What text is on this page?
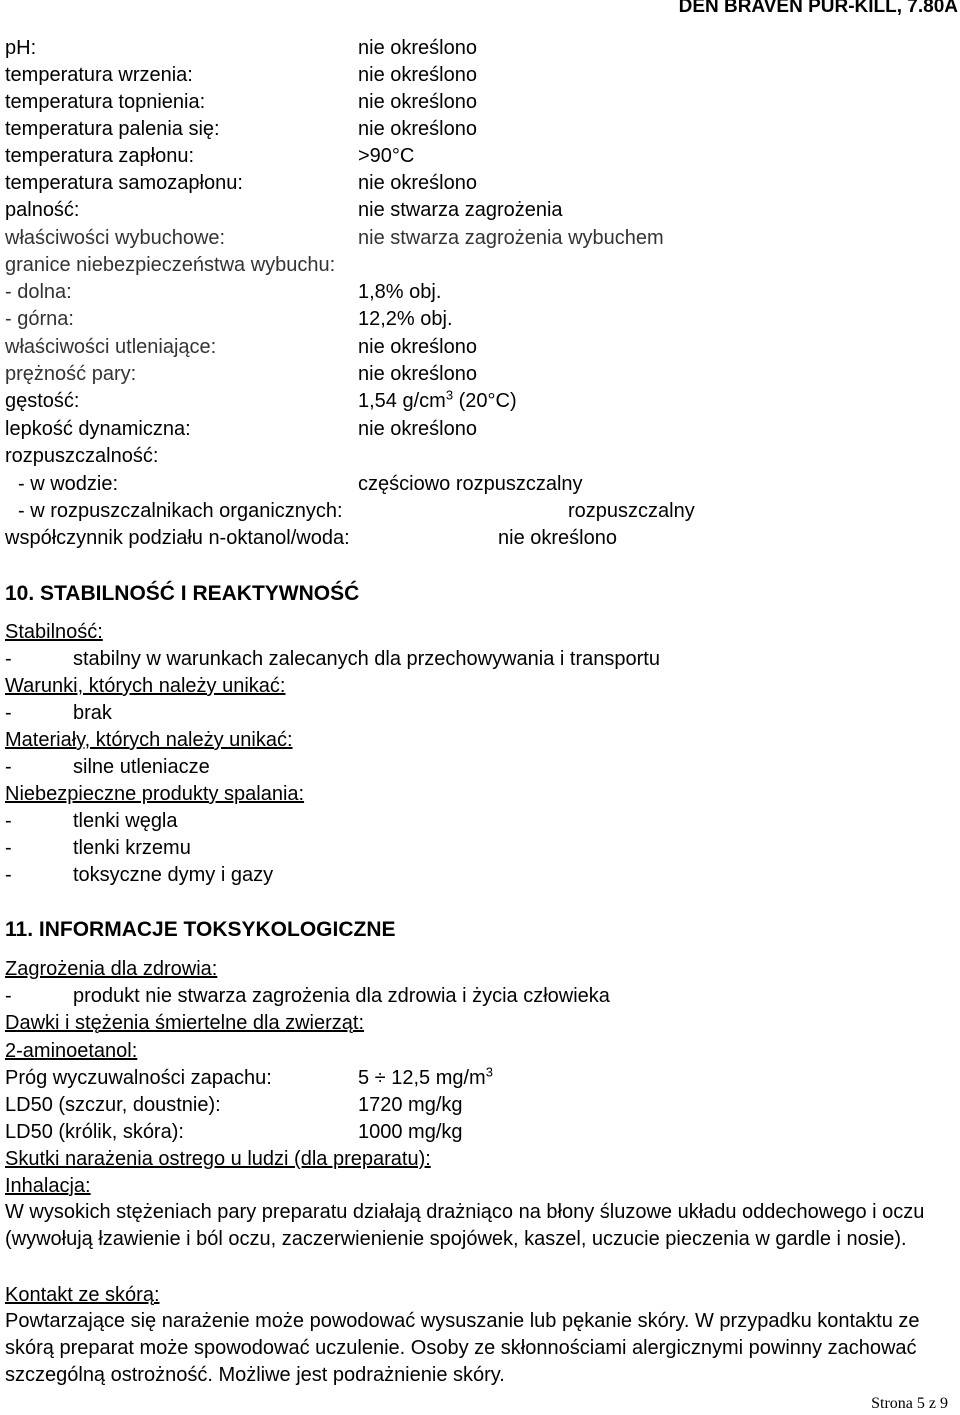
DEN BRAVEN PUR-KILL, 7.80A
pH:	nie określono
temperatura wrzenia:	nie określono
temperatura topnienia:	nie określono
temperatura palenia się:	nie określono
temperatura zapłonu:	>90°C
temperatura samozapłonu:	nie określono
palność:	nie stwarza zagrożenia
właściwości wybuchowe:	nie stwarza zagrożenia wybuchem
granice niebezpieczeństwa wybuchu:
- dolna:	1,8% obj.
- górna:	12,2% obj.
właściwości utleniające:	nie określono
prężność pary:	nie określono
gęstość:	1,54 $g/cm^3$ (20°C)
lepkość dynamiczna:	nie określono
rozpuszczalność:
- w wodzie:	częściowo rozpuszczalny
- w rozpuszczalnikach organicznych:	rozpuszczalny
współczynnik podziału n-oktanol/woda:	nie określono
10. STABILNOŚĆ I REAKTYWNOŚĆ
Stabilność:
-	stabilny w warunkach zalecanych dla przechowywania i transportu
Warunki, których należy unikać:
-	brak
Materiały, których należy unikać:
-	silne utleniacze
Niebezpieczne produkty spalania:
-	tlenki węgla
-	tlenki krzemu
-	toksyczne dymy i gazy
11. INFORMACJE TOKSYKOLOGICZNE
Zagrożenia dla zdrowia:
-	produkt nie stwarza zagrożenia dla zdrowia i życia człowieka
Dawki i stężenia śmiertelne dla zwierząt:
2-aminoetanol:
Próg wyczuwalności zapachu:	5 ÷ 12,5 $mg/m^3$
LD50 (szczur, doustnie):	1720 mg/kg
LD50 (królik, skóra):	1000 mg/kg
Skutki narażenia ostrego u ludzi (dla preparatu):
Inhalacja:
W wysokich stężeniach pary preparatu działają drażniąco na błony śluzowe układu oddechowego i oczu (wywołują łzawienie i ból oczu, zaczerwienienie spojówek, kaszel, uczucie pieczenia w gardle i nosie).
Kontakt ze skórą:
Powtarzające się narażenie może powodować wysuszanie lub pękanie skóry. W przypadku kontaktu ze skórą preparat może spowodować uczulenie. Osoby ze skłonnościami alergicznymi powinny zachować szczególną ostrożność. Możliwe jest podrażnienie skóry.
Strona 5 z 9
